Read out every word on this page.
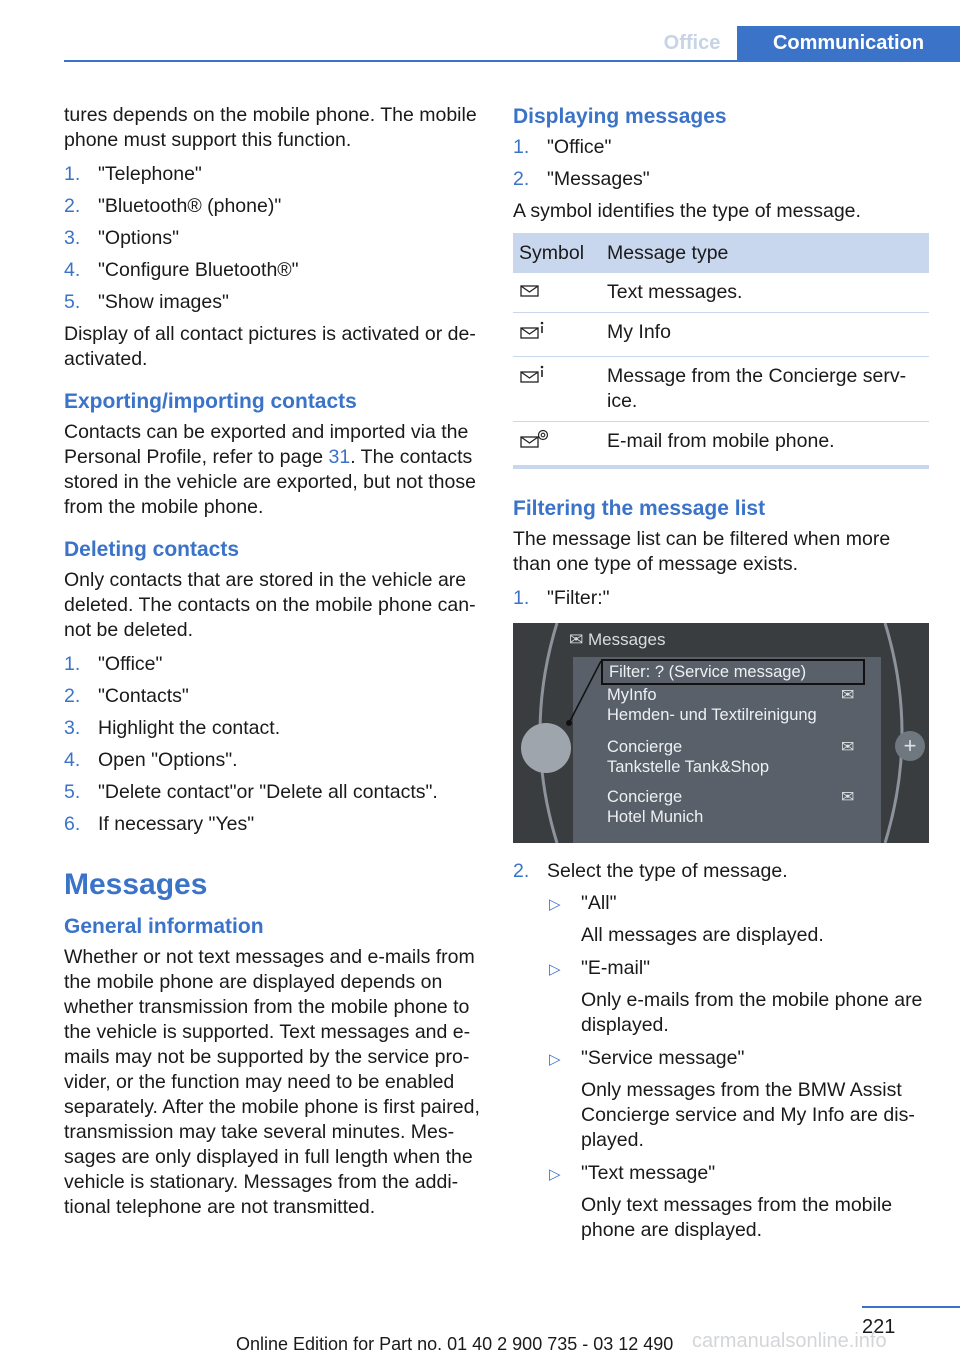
Office	Communication

tures depends on the mobile phone. The mobile phone must support this function.

1. "Telephone"
2. "Bluetooth® (phone)"
3. "Options"
4. "Configure Bluetooth®"
5. "Show images"

Display of all contact pictures is activated or de-activated.

Exporting/importing contacts

Contacts can be exported and imported via the Personal Profile, refer to page 31. The contacts stored in the vehicle are exported, but not those from the mobile phone.

Deleting contacts

Only contacts that are stored in the vehicle are deleted. The contacts on the mobile phone can-not be deleted.

1. "Office"
2. "Contacts"
3. Highlight the contact.
4. Open "Options".
5. "Delete contact"or "Delete all contacts".
6. If necessary "Yes"
Messages
General information

Whether or not text messages and e-mails from the mobile phone are displayed depends on whether transmission from the mobile phone to the vehicle is supported. Text messages and e-mails may not be supported by the service pro-vider, or the function may need to be enabled separately. After the mobile phone is first paired, transmission may take several minutes. Mes-sages are only displayed in full length when the vehicle is stationary. Messages from the addi-tional telephone are not transmitted.

Displaying messages
1. "Office"
2. "Messages"

A symbol identifies the type of message.

Symbol	Message type
	Text messages.
	My Info
	Message from the Concierge serv-ice.
	E-mail from mobile phone.
Filtering the message list

The message list can be filtered when more than one type of message exists.

1. "Filter:"
✉ Messages
Filter: ? (Service message)
MyInfo
Hemden- und Textilreinigung
✉
Concierge
Tankstelle Tank&Shop
✉
Concierge
Hotel Munich
✉
+
2. Select the type of message.
▷ "All"
All messages are displayed.
▷ "E-mail"
Only e-mails from the mobile phone are displayed.
▷ "Service message"
Only messages from the BMW Assist Concierge service and My Info are dis-played.
▷ "Text message"
Only text messages from the mobile phone are displayed.
221
carmanualsonline.info
Online Edition for Part no. 01 40 2 900 735 - 03 12 490
